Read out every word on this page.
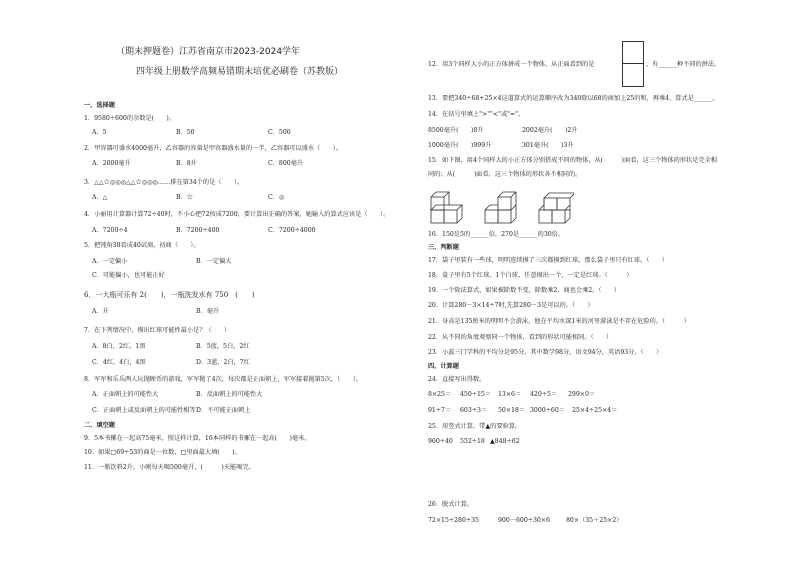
（期末押题卷）江苏省南京市2023-2024学年
四年级上册数学高频易错期末培优必刷卷（苏教版）
一、选择题
1．9580÷600的余数是(　　)。
A．5	B．50	C．500
2．甲容器可盛水4000毫升，乙容器的容量是甲容器盛水量的一半，乙容器可以盛水（　　）。
A．2000毫升	B．8升	C．800毫升
3．△△☆◎◎◎△△☆◎◎◎……排在第34个的是（　　）。
A．△	B．☆	C．◎
4．小丽用计算器计算72÷40时，不小心把72按成7200，要计算出正确的答案，她输入的算式应该是（　　）。
A．7200÷4	B．7200÷400	C．7200÷4000
5．把钝角38看成40试商，初商（　　）。
A．一定偏小	B．一定偏大
C．可能偏小，也可能正好
6．一大瓶可乐有 2(　　)，一瓶洗发水有 750　(　　)
A．升	B．毫升
7．在下列情况中，摸出红球可能性最小是？（　　）
A．8白，2红，1黑	B．5蓝，5白，2红
C．4红，4白，4黑	D．3蓝，2白，7红
8．军军和乐乐两人玩抛硬币的游戏，军军抛了4次，每次都是正面朝上，军军接着抛第5次，（　　）。
A．正面朝上的可能性大	B．反面朝上的可能性大
C．正面朝上或反面朝上的可能性相等 D．不可能正面朝上
二、填空题
9．5本书摞在一起高75毫米，照这样计算，16本同样的书摞在一起高(　　)毫米。
10．如果□69÷53的商是一位数，□里面最大填(　　)。
11．一瓶饮料2升，小刚每天喝500毫升，(　　　)天能喝完。
12．用3个同样大小的正方体拼成一个物体，从正面看到的是	，有______种不同的拼法。
13．要把340÷68+25×4这道算式的运算顺序改为340除以68的商加上25的和，再乘4，算式是______。
14．在括号里填上">""<"或"="。
8500毫升(　　)8升	2002毫升(　　)2升
1000毫升(　　)999升	301毫升(　　)3升
15．如下图，用4个同样大的小正方体分别搭成不同的物体，从(　　　)面看，这三个物体的形状是完全相
同的；从(　　　)面看，这三个物体的形状各不相同的。
16．150是5的______倍，270是______的30倍。
三、判断题
17．袋子里装有一些球，明明连续摸了三次都摸到红球，那么袋子里只有红球。（　　）
18．盒子里有5个红球，1个白球，任意摸出一个，一定是红球。（　　　）
19．一个除法算式，如果被除数不变，除数乘2，商也会乘2。（　　）
20．计算280－3×14÷7时,先算280－3是可以的。（　　）
21．身高是135厘米的明明不会游泳，他在平均水深1米的河里游泳是不存在危险的。（　　　）
22．从不同的角度观察同一个物体，看到的形状可能相同。（　　）
23．小蕊三门学科的平均分是95分，其中数学98分，语文94分，英语93分。（　　）
四、计算题
24．直接写出得数。
8×25＝ 450÷15＝ 13×6＝ 420÷5＝ 299×0＝
91÷7＝ 603÷3＝ 50×18＝ 3000÷60＝ 25×4÷25×4＝
25．用竖式计算，带▲的要验算。
960÷40 552÷18 ▲848÷62
26．脱式计算。
72×15÷280÷35	900－600÷30×6	80×（35＋25×2）
